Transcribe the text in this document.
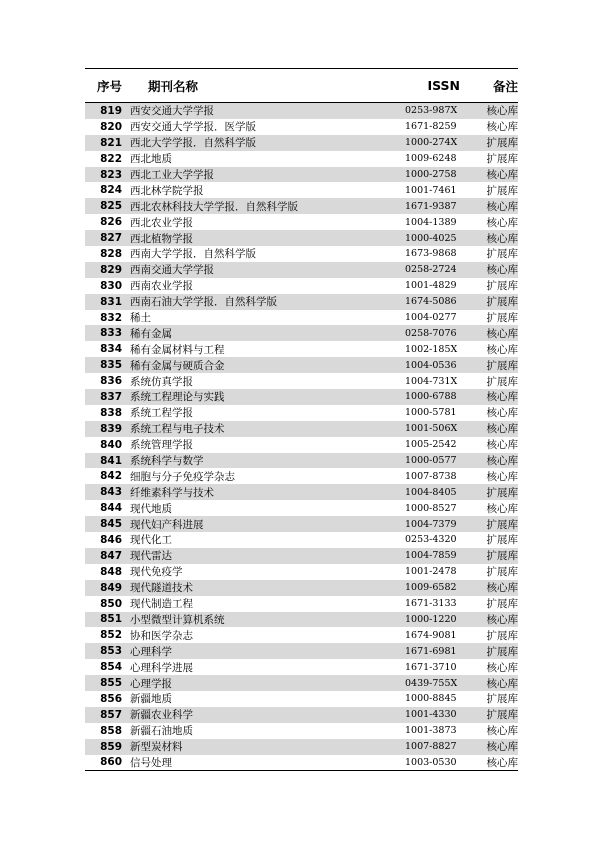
序号	期刊名称	ISSN	备注
819 西安交通大学学报	0253-987X	核心库
820 西安交通大学学报．医学版	1671-8259	核心库
821 西北大学学报．自然科学版	1000-274X	扩展库
822 西北地质	1009-6248	扩展库
823 西北工业大学学报	1000-2758	核心库
824 西北林学院学报	1001-7461	扩展库
825 西北农林科技大学学报．自然科学版	1671-9387	核心库
826 西北农业学报	1004-1389	核心库
827 西北植物学报	1000-4025	核心库
828 西南大学学报．自然科学版	1673-9868	扩展库
829 西南交通大学学报	0258-2724	核心库
830 西南农业学报	1001-4829	扩展库
831 西南石油大学学报．自然科学版	1674-5086	扩展库
832 稀土	1004-0277	扩展库
833 稀有金属	0258-7076	核心库
834 稀有金属材料与工程	1002-185X	核心库
835 稀有金属与硬质合金	1004-0536	扩展库
836 系统仿真学报	1004-731X	扩展库
837 系统工程理论与实践	1000-6788	核心库
838 系统工程学报	1000-5781	核心库
839 系统工程与电子技术	1001-506X	核心库
840 系统管理学报	1005-2542	核心库
841 系统科学与数学	1000-0577	核心库
842 细胞与分子免疫学杂志	1007-8738	核心库
843 纤维素科学与技术	1004-8405	扩展库
844 现代地质	1000-8527	核心库
845 现代妇产科进展	1004-7379	扩展库
846 现代化工	0253-4320	扩展库
847 现代雷达	1004-7859	扩展库
848 现代免疫学	1001-2478	扩展库
849 现代隧道技术	1009-6582	核心库
850 现代制造工程	1671-3133	扩展库
851 小型微型计算机系统	1000-1220	核心库
852 协和医学杂志	1674-9081	扩展库
853 心理科学	1671-6981	扩展库
854 心理科学进展	1671-3710	核心库
855 心理学报	0439-755X	核心库
856 新疆地质	1000-8845	扩展库
857 新疆农业科学	1001-4330	扩展库
858 新疆石油地质	1001-3873	核心库
859 新型炭材料	1007-8827	核心库
860 信号处理	1003-0530	核心库
